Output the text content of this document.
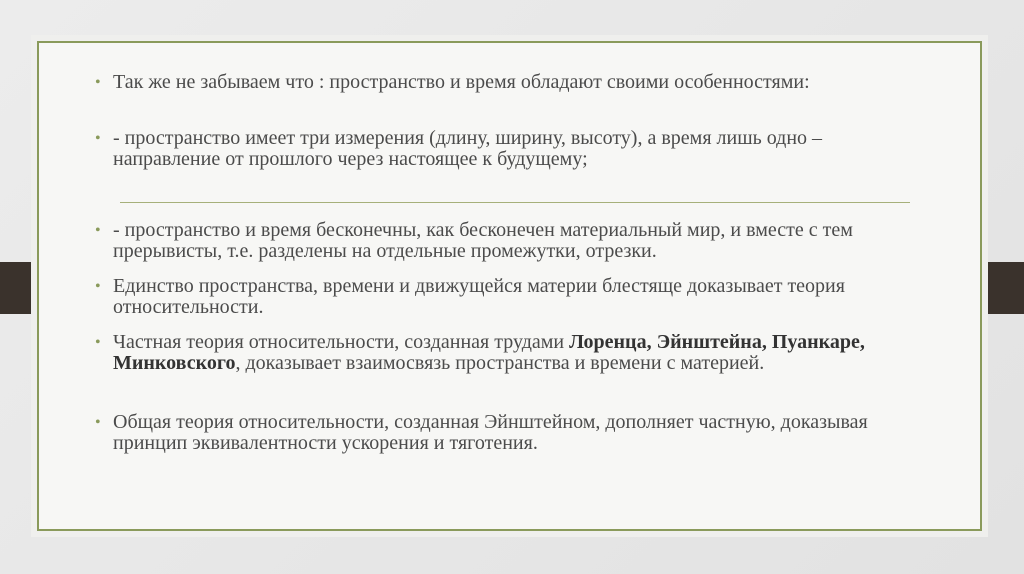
• Так же не забываем что : пространство и время обладают своими особенностями:
• - пространство имеет три измерения (длину, ширину, высоту), а время лишь одно – направление от прошлого через настоящее к будущему;
• - пространство и время бесконечны, как бесконечен материальный мир, и вместе с тем прерывисты, т.е. разделены на отдельные промежутки, отрезки.
• Единство пространства, времени и движущейся материи блестяще доказывает теория относительности.
• Частная теория относительности, созданная трудами Лоренца, Эйнштейна, Пуанкаре, Минковского, доказывает взаимосвязь пространства и времени с материей.
• Общая теория относительности, созданная Эйнштейном, дополняет частную, доказывая принцип эквивалентности ускорения и тяготения.
